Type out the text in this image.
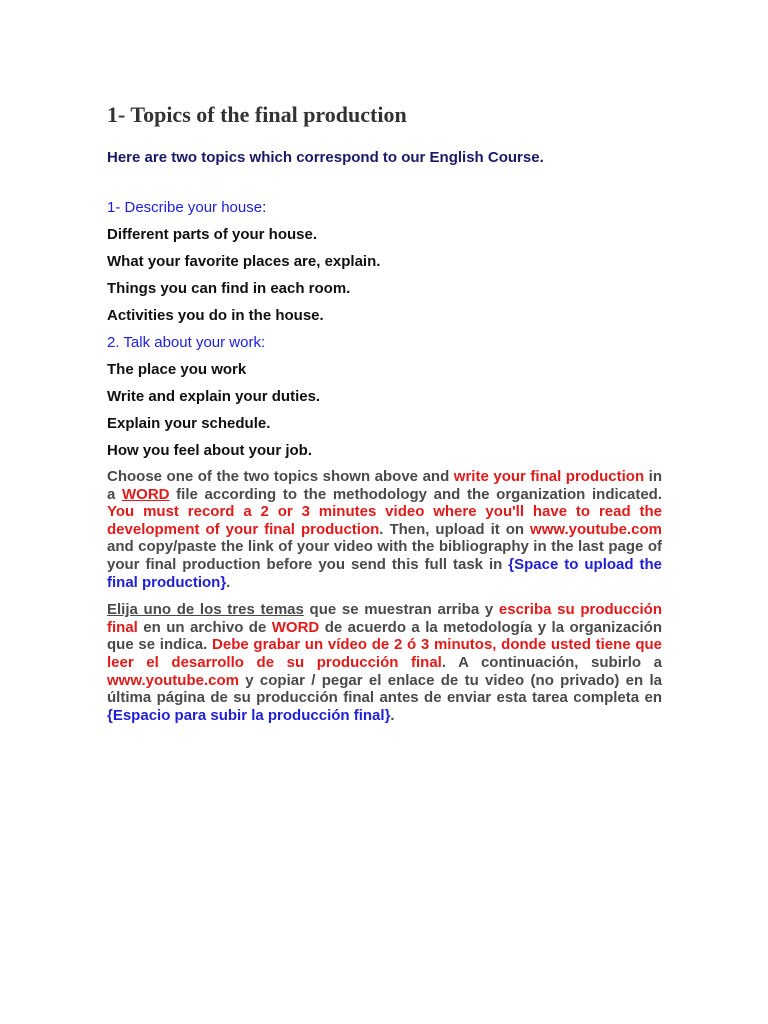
1- Topics of the final production

Here are two topics which correspond to our English Course.

1- Describe your house:

Different parts of your house.

What your favorite places are, explain.

Things you can find in each room.

Activities you do in the house.

2. Talk about your work:

The place you work

Write and explain your duties.

Explain your schedule.

How you feel about your job.

Choose one of the two topics shown above and write your final production in a WORD file according to the methodology and the organization indicated. You must record a 2 or 3 minutes video where you'll have to read the development of your final production. Then, upload it on www.youtube.com and copy/paste the link of your video with the bibliography in the last page of your final production before you send this full task in {Space to upload the final production}.

Elija uno de los tres temas que se muestran arriba y escriba su producción final en un archivo de WORD de acuerdo a la metodología y la organización que se indica. Debe grabar un vídeo de 2 ó 3 minutos, donde usted tiene que leer el desarrollo de su producción final. A continuación, subirlo a www.youtube.com y copiar / pegar el enlace de tu video (no privado) en la última página de su producción final antes de enviar esta tarea completa en {Espacio para subir la producción final}.
